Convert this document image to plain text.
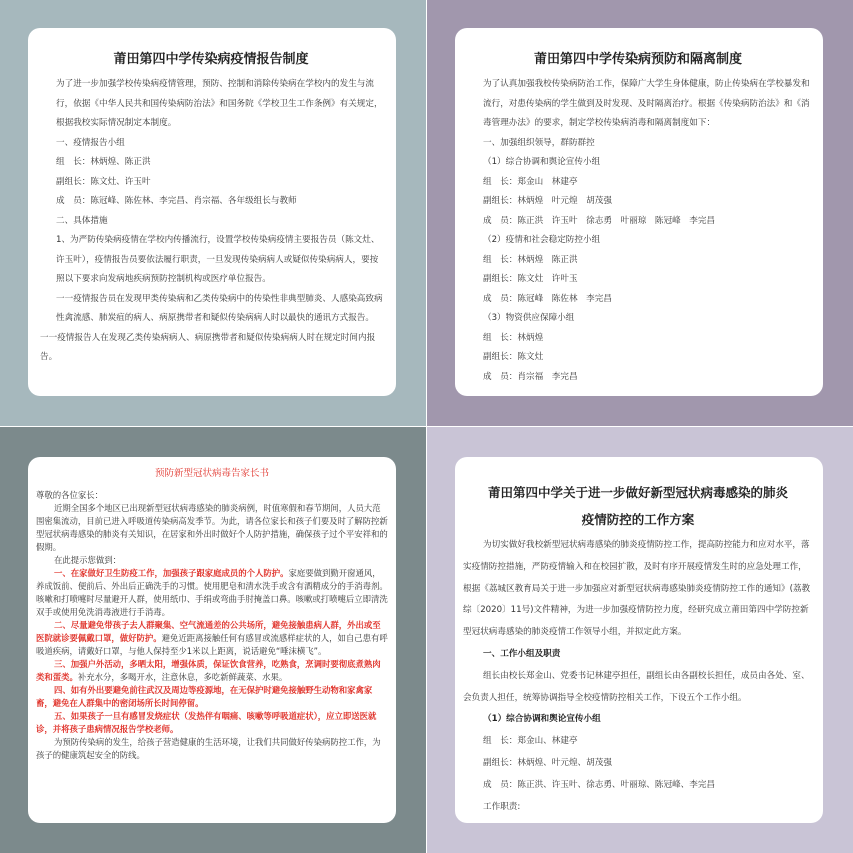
莆田第四中学传染病疫情报告制度
为了进一步加强学校传染病疫情管理，预防、控制和消除传染病在学校内的发生与流行，依据《中华人民共和国传染病防治法》和国务院《学校卫生工作条例》有关规定，根据我校实际情况制定本制度。
一、疫情报告小组
组　长：林炳煌、陈正洪
副组长：陈文灶、许玉叶
成　员：陈冠峰、陈佐林、李完昌、肖宗福、各年级组长与教师
二、具体措施
1、为严防传染病疫情在学校内传播流行，设置学校传染病疫情主要报告员（陈文灶、许玉叶），疫情报告员要依法履行职责，一旦发现传染病病人或疑似传染病病人，要按照以下要求向发病地疾病预防控制机构或医疗单位报告。
一一疫情报告员在发现甲类传染病和乙类传染病中的传染性非典型肺炎、人感染高致病性禽流感、肺炭疽的病人、病原携带者和疑似传染病病人时以最快的通讯方式报告。
一一疫情报告人在发现乙类传染病病人、病原携带者和疑似传染病病人时在规定时间内报告。
莆田第四中学传染病预防和隔离制度
为了认真加强我校传染病防治工作，保障广大学生身体健康，防止传染病在学校暴发和流行，对患传染病的学生做到及时发现、及时隔离治疗。根据《传染病防治法》和《消毒管理办法》的要求，制定学校传染病消毒和隔离制度如下：
一、加强组织领导，群防群控
（1）综合协调和舆论宣传小组
组　长：郑金山　林建亭
副组长：林炳煌　叶元煌　胡茂强
成　员：陈正洪　许玉叶　徐志勇　叶丽琼　陈冠峰　李完昌
（2）疫情和社会稳定防控小组
组　长：林炳煌　陈正洪
副组长：陈文灶　许叶玉
成　员：陈冠峰　陈佐林　李完昌
（3）物资供应保障小组
组　长：林炳煌
副组长：陈文灶
成　员：肖宗福　李完昌
预防新型冠状病毒告家长书
尊敬的各位家长：
近期全国多个地区已出现新型冠状病毒感染的肺炎病例，时值寒假和春节期间，人员大范围密集流动，目前已进入呼吸道传染病高发季节。为此，请各位家长和孩子们要及时了解防控新型冠状病毒感染的肺炎有关知识，在居家和外出时做好个人防护措施，确保孩子过个平安祥和的假期。
在此提示您做到：
一、在家做好卫生防疫工作，加强孩子跟家庭成员的个人防护。家庭要做到勤开窗通风，养成饭前、便前后、外出后正确洗手的习惯。使用肥皂和清水洗手或含有酒精成分的手消毒剂。咳嗽和打喷嚏时尽量避开人群，使用纸巾、手绢或弯曲手肘掩盖口鼻。咳嗽或打喷嚏后立即清洗双手或使用免洗消毒液进行手消毒。
二、尽量避免带孩子去人群聚集、空气流通差的公共场所，避免接触患病人群，外出或至医院就诊要佩戴口罩，做好防护。避免近距离接触任何有感冒或流感样症状的人，如自己患有呼吸道疾病，请戴好口罩，与他人保持至少1米以上距离，说话避免“唾沫横飞”。
三、加强户外活动，多晒太阳，增强体质，保证饮食营养，吃熟食，烹调时要彻底煮熟肉类和蛋类。补充水分，多喝开水，注意休息，多吃新鲜蔬菜、水果。
四、如有外出要避免前往武汉及周边等疫源地，在无保护时避免接触野生动物和家禽家畜，避免在人群集中的密闭场所长时间停留。
五、如果孩子一旦有感冒发烧症状（发热伴有咽痛、咳嗽等呼吸道症状），应立即送医就诊，并将孩子患病情况报告学校老师。
为预防传染病的发生，给孩子营造健康的生活环境，让我们共同做好传染病防控工作，为孩子的健康筑起安全的防线。
莆田第四中学关于进一步做好新型冠状病毒感染的肺炎
疫情防控的工作方案
为切实做好我校新型冠状病毒感染的肺炎疫情防控工作，提高防控能力和应对水平，落实疫情防控措施，严防疫情输入和在校园扩散，及时有序开展疫情发生时的应急处理工作，根据《荔城区教育局关于进一步加强应对新型冠状病毒感染肺炎疫情防控工作的通知》(荔教综〔2020〕11号)文件精神，为进一步加强疫情防控力度，经研究成立莆田第四中学防控新型冠状病毒感染的肺炎疫情工作领导小组，并拟定此方案。
一、工作小组及职责
组长由校长郑金山、党委书记林建亭担任，副组长由各副校长担任，成员由各处、室、会负责人担任，统筹协调指导全校疫情防控相关工作，下设五个工作小组。
（1）综合协调和舆论宣传小组
组　长：郑金山、林建亭
副组长：林炳煌、叶元煌、胡茂强
成　员：陈正洪、许玉叶、徐志勇、叶丽琼、陈冠峰、李完昌
工作职责:
